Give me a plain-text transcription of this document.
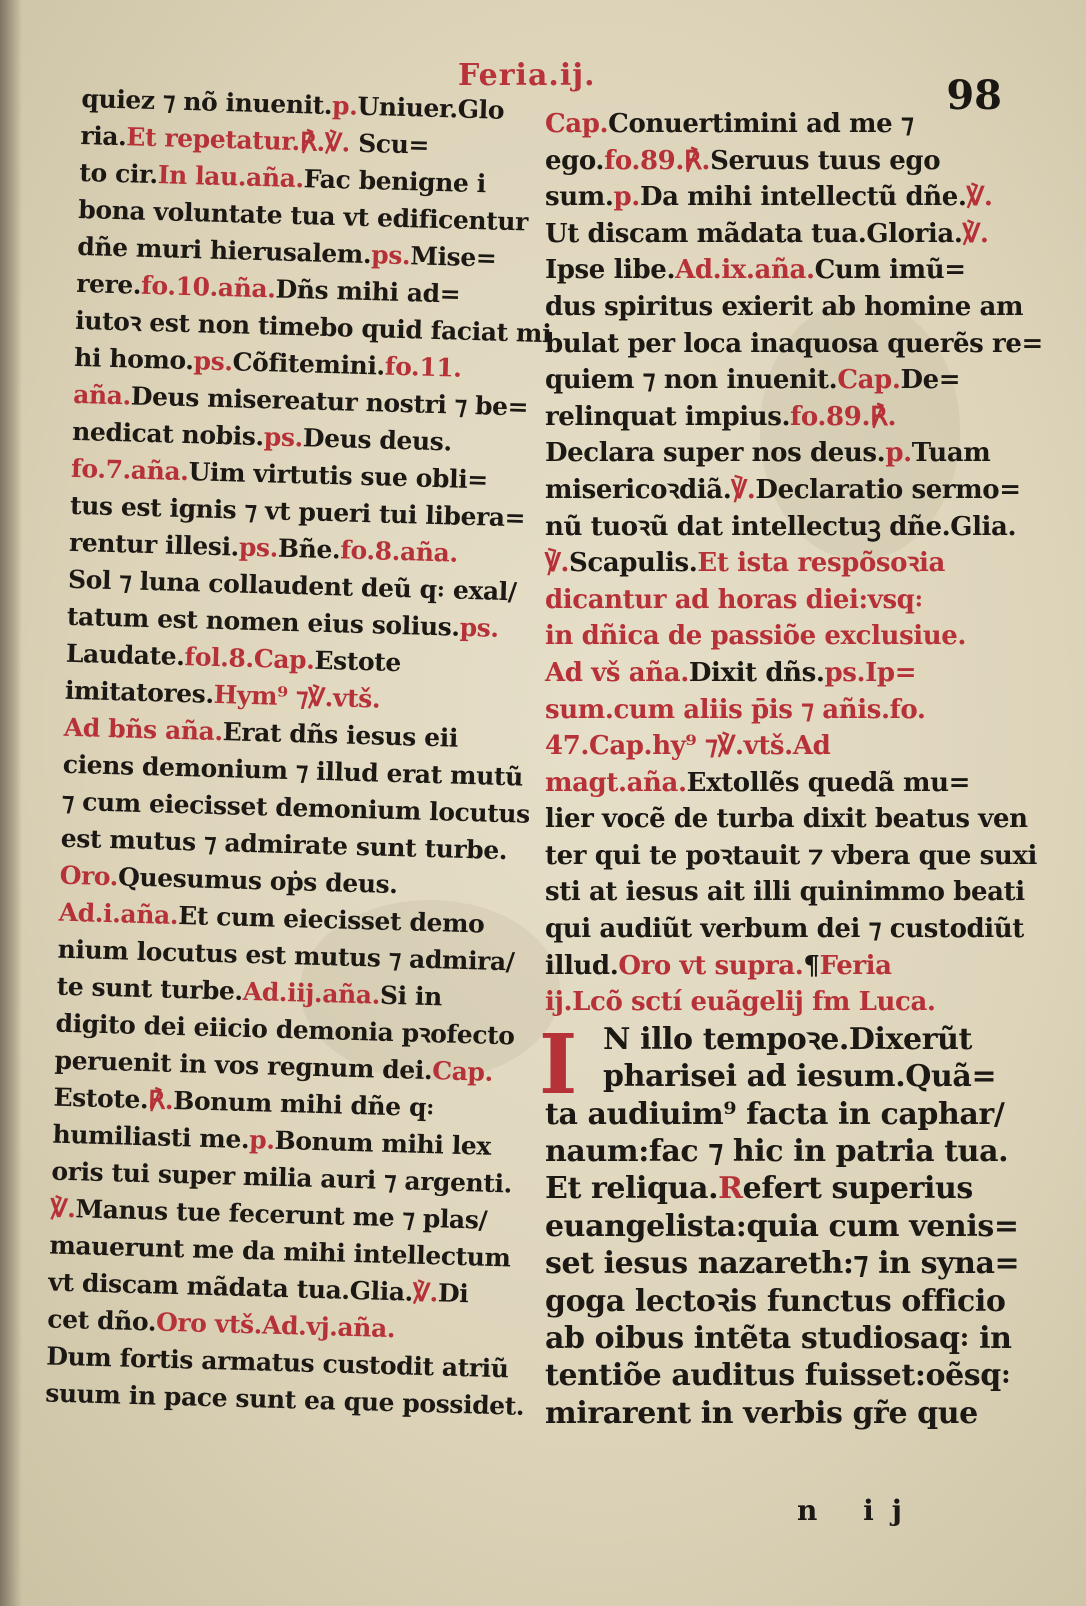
Feria.ij.	98
quiez ⁊ nõ inuenit.p.Uniuer.Glo
ria.Et repetatur.℟.℣. Scu=
to cir.In lau.aña.Fac benigne i
bona voluntate tua vt edificentur
dñe muri hierusalem.ps.Mise=
rere.fo.10.aña.Dñs mihi ad=
iutoꝛ est non timebo quid faciat mi
hi homo.ps.Cõfitemini.fo.11.
aña.Deus misereatur nostri ⁊ be=
nedicat nobis.ps.Deus deus.
fo.7.aña.Uim virtutis sue obli=
tus est ignis ⁊ vt pueri tui libera=
rentur illesi.ps.Bñe.fo.8.aña.
Sol ⁊ luna collaudent deũ q꞉ exal/
tatum est nomen eius solius.ps.
Laudate.fol.8.Cap.Estote
imitatores.Hym⁹ ⁊℣.vtš.
Ad bñs aña.Erat dñs iesus eii
ciens demonium ⁊ illud erat mutũ
⁊ cum eiecisset demonium locutus
est mutus ⁊ admirate sunt turbe.
Oro.Quesumus oṗs deus.
Ad.i.aña.Et cum eiecisset demo
nium locutus est mutus ⁊ admira/
te sunt turbe.Ad.iij.aña.Si in
digito dei eiicio demonia pꝛofecto
peruenit in vos regnum dei.Cap.
Estote.℟.Bonum mihi dñe q꞉
humiliasti me.p.Bonum mihi lex
oris tui super milia auri ⁊ argenti.
℣.Manus tue fecerunt me ⁊ plas/
mauerunt me da mihi intellectum
vt discam mãdata tua.Glia.℣.Di
cet dño.Oro vtš.Ad.vj.aña.
Dum fortis armatus custodit atriũ
suum in pace sunt ea que possidet.
Cap.Conuertimini ad me ⁊
ego.fo.89.℟.Seruus tuus ego
sum.p.Da mihi intellectũ dñe.℣.
Ut discam mãdata tua.Gloria.℣.
Ipse libe.Ad.ix.aña.Cum imũ=
dus spiritus exierit ab homine am
bulat per loca inaquosa querẽs re=
quiem ⁊ non inuenit.Cap.De=
relinquat impius.fo.89.℟.
Declara super nos deus.p.Tuam
misericoꝛdiã.℣.Declaratio sermo=
nũ tuoꝛũ dat intellectuꝫ dñe.Glia.
℣.Scapulis.Et ista respõsoꝛia
dicantur ad horas diei:vsq꞉
in dñica de passiõe exclusiue.
Ad vš aña.Dixit dñs.ps.Ip=
sum.cum aliis p̄is ⁊ añis.fo.
47.Cap.hy⁹ ⁊℣.vtš.Ad
magt.aña.Extollẽs quedã mu=
lier vocẽ de turba dixit beatus ven
ter qui te poꝛtauit ⁊ vbera que suxi
sti at iesus ait illi quinimmo beati
qui audiũt verbum dei ⁊ custodiũt
illud.Oro vt supra.¶Feria
ij.Lcõ sctí euãgelij fm Luca.
I N illo tempoꝛe.Dixerũt
pharisei ad iesum.Quã=
ta audiuim⁹ facta in caphar/
naum:fac ⁊ hic in patria tua.
Et reliqua.Refert superius
euangelista:quia cum venis=
set iesus nazareth:⁊ in syna=
goga lectoꝛis functus officio
ab oibus intẽta studiosaq꞉ in
tentiõe auditus fuisset:oẽsq꞉
mirarent in verbis gr̃e que
n ij
